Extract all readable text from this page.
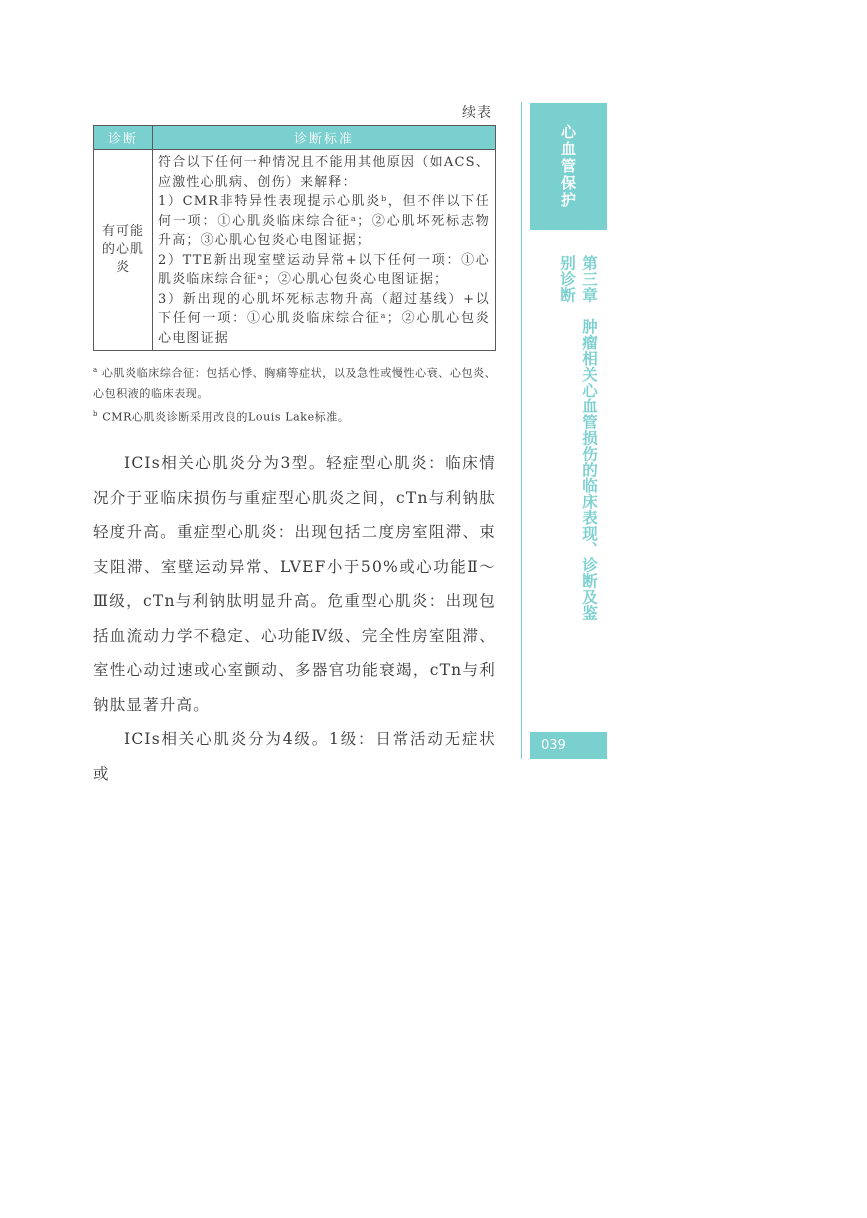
续表
诊断	诊断标准
有可能的心肌炎	符合以下任何一种情况且不能用其他原因（如ACS、应激性心肌病、创伤）来解释：
1）CMR非特异性表现提示心肌炎ᵇ，但不伴以下任何一项：①心肌炎临床综合征ᵃ；②心肌坏死标志物升高；③心肌心包炎心电图证据；
2）TTE新出现室壁运动异常+以下任何一项：①心肌炎临床综合征ᵃ；②心肌心包炎心电图证据；
3）新出现的心肌坏死标志物升高（超过基线）+以下任何一项：①心肌炎临床综合征ᵃ；②心肌心包炎心电图证据
$^a$ 心肌炎临床综合征：包括心悸、胸痛等症状，以及急性或慢性心衰、心包炎、心包积液的临床表现。
$^b$ CMR心肌炎诊断采用改良的Louis Lake标准。

ICIs相关心肌炎分为3型。轻症型心肌炎：临床情况介于亚临床损伤与重症型心肌炎之间，cTn与利钠肽轻度升高。重症型心肌炎：出现包括二度房室阻滞、束支阻滞、室壁运动异常、LVEF小于50%或心功能Ⅱ～Ⅲ级，cTn与利钠肽明显升高。危重型心肌炎：出现包括血流动力学不稳定、心功能Ⅳ级、完全性房室阻滞、室性心动过速或心室颤动、多器官功能衰竭，cTn与利钠肽显著升高。

ICIs相关心肌炎分为4级。1级：日常活动无症状或

心血管保护
第三章　肿瘤相关心血管损伤的临床表现、诊断及鉴别诊断
039
